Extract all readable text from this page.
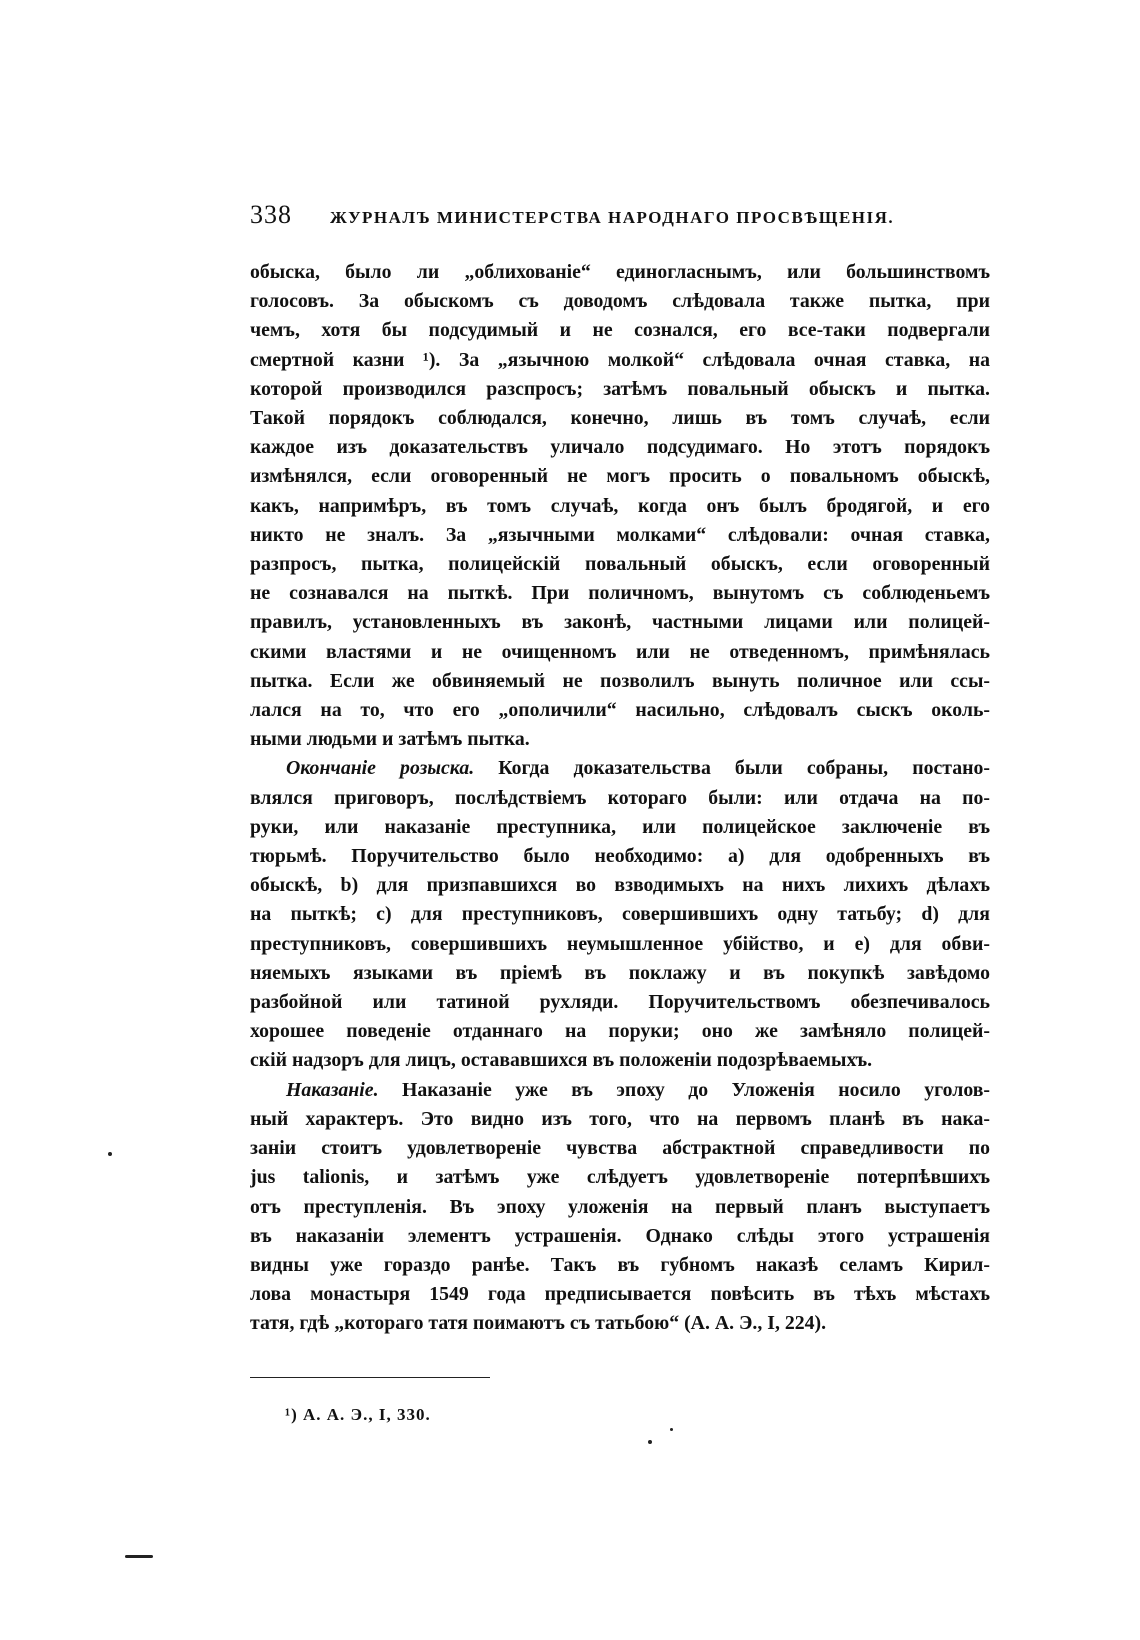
338 ЖУРНАЛЪ МИНИСТЕРСТВА НАРОДНАГО ПРОСВѢЩЕНІЯ.

обыска, было ли „облихованіе“ единогласнымъ, или большинствомъ
голосовъ. За обыскомъ съ доводомъ слѣдовала также пытка, при
чемъ, хотя бы подсудимый и не сознался, его все-таки подвергали
смертной казни ¹). За „язычною молкой“ слѣдовала очная ставка, на
которой производился разспросъ; затѣмъ повальный обыскъ и пытка.
Такой порядокъ соблюдался, конечно, лишь въ томъ случаѣ, если
каждое изъ доказательствъ уличало подсудимаго. Но этотъ порядокъ
измѣнялся, если оговоренный не могъ просить о повальномъ обыскѣ,
какъ, напримѣръ, въ томъ случаѣ, когда онъ былъ бродягой, и его
никто не зналъ. За „язычными молками“ слѣдовали: очная ставка,
разпросъ, пытка, полицейскій повальный обыскъ, если оговоренный
не сознавался на пыткѣ. При поличномъ, вынутомъ съ соблюденьемъ
правилъ, установленныхъ въ законѣ, частными лицами или полицей-
скими властями и не очищенномъ или не отведенномъ, примѣнялась
пытка. Если же обвиняемый не позволилъ вынуть поличное или ссы-
лался на то, что его „ополичили“ насильно, слѣдовалъ сыскъ околь-
ными людьми и затѣмъ пытка.

Окончаніе розыска. Когда доказательства были собраны, постано-
влялся приговоръ, послѣдствіемъ котораго были: или отдача на по-
руки, или наказаніе преступника, или полицейское заключеніе въ
тюрьмѣ. Поручительство было необходимо: a) для одобренныхъ въ
обыскѣ, b) для призпавшихся во взводимыхъ на нихъ лихихъ дѣлахъ
на пыткѣ; c) для преступниковъ, совершившихъ одну татьбу; d) для
преступниковъ, совершившихъ неумышленное убійство, и e) для обви-
няемыхъ языками въ пріемѣ въ поклажу и въ покупкѣ завѣдомо
разбойной или татиной рухляди. Поручительствомъ обезпечивалось
хорошее поведеніе отданнаго на поруки; оно же замѣняло полицей-
скій надзоръ для лицъ, остававшихся въ положеніи подозрѣваемыхъ.

Наказаніе. Наказаніе уже въ эпоху до Уложенія носило уголов-
ный характеръ. Это видно изъ того, что на первомъ планѣ въ нака-
заніи стоитъ удовлетвореніе чувства абстрактной справедливости по
jus talionis, и затѣмъ уже слѣдуетъ удовлетвореніе потерпѣвшихъ
отъ преступленія. Въ эпоху уложенія на первый планъ выступаетъ
въ наказаніи элементъ устрашенія. Однако слѣды этого устрашенія
видны уже гораздо ранѣе. Такъ въ губномъ наказѣ селамъ Кирил-
лова монастыря 1549 года предписывается повѣсить въ тѣхъ мѣстахъ
татя, гдѣ „котораго татя поимаютъ съ татьбою“ (А. А. Э., I, 224).

¹) А. А. Э., I, 330.
